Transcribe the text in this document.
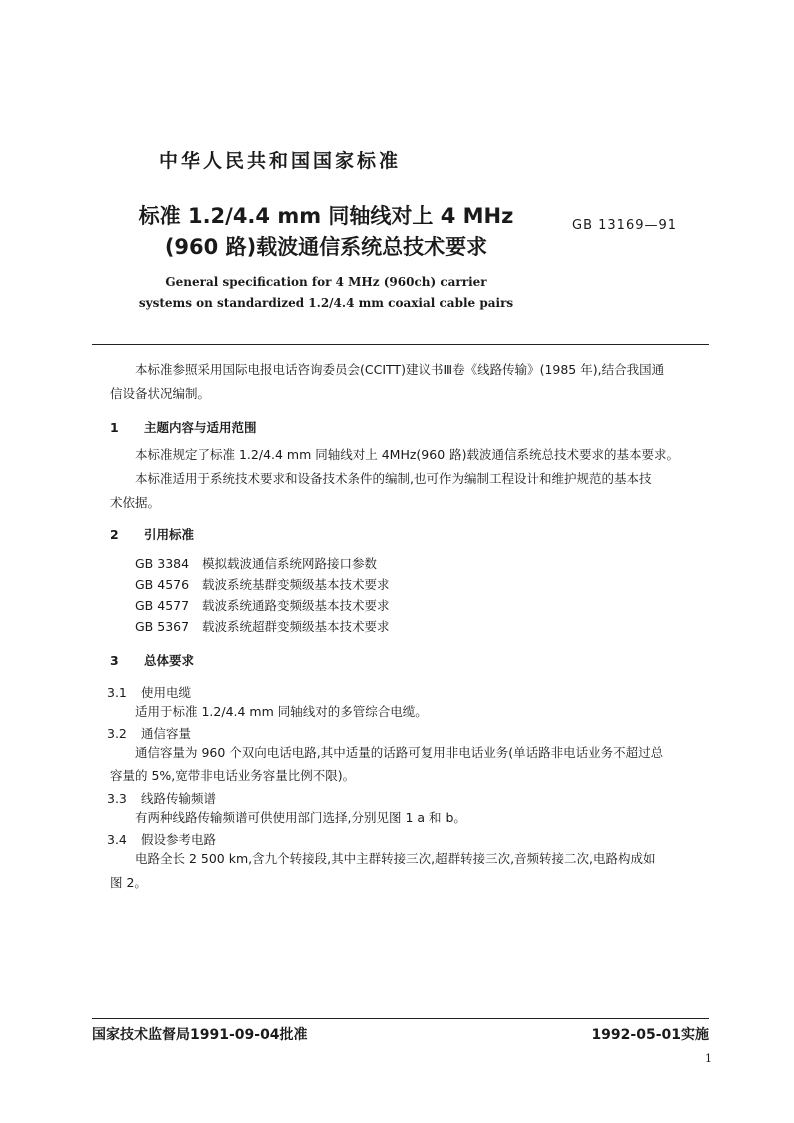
中华人民共和国国家标准
标准 1.2/4.4 mm 同轴线对上 4 MHz
(960 路)载波通信系统总技术要求
GB 13169—91
General specification for 4 MHz (960ch) carrier
systems on standardized 1.2/4.4 mm coaxial cable pairs
本标准参照采用国际电报电话咨询委员会(CCITT)建议书Ⅲ卷《线路传输》(1985 年),结合我国通
信设备状况编制。
1 主题内容与适用范围
本标准规定了标准 1.2/4.4 mm 同轴线对上 4MHz(960 路)载波通信系统总技术要求的基本要求。
本标准适用于系统技术要求和设备技术条件的编制,也可作为编制工程设计和维护规范的基本技
术依据。
2 引用标准
GB 3384 模拟载波通信系统网路接口参数
GB 4576 载波系统基群变频级基本技术要求
GB 4577 载波系统通路变频级基本技术要求
GB 5367 载波系统超群变频级基本技术要求
3 总体要求
3.1 使用电缆
适用于标准 1.2/4.4 mm 同轴线对的多管综合电缆。
3.2 通信容量
通信容量为 960 个双向电话电路,其中适量的话路可复用非电话业务(单话路非电话业务不超过总
容量的 5%,宽带非电话业务容量比例不限)。
3.3 线路传输频谱
有两种线路传输频谱可供使用部门选择,分别见图 1 a 和 b。
3.4 假设参考电路
电路全长 2 500 km,含九个转接段,其中主群转接三次,超群转接三次,音频转接二次,电路构成如
图 2。
国家技术监督局1991-09-04批准	1992-05-01实施
1
